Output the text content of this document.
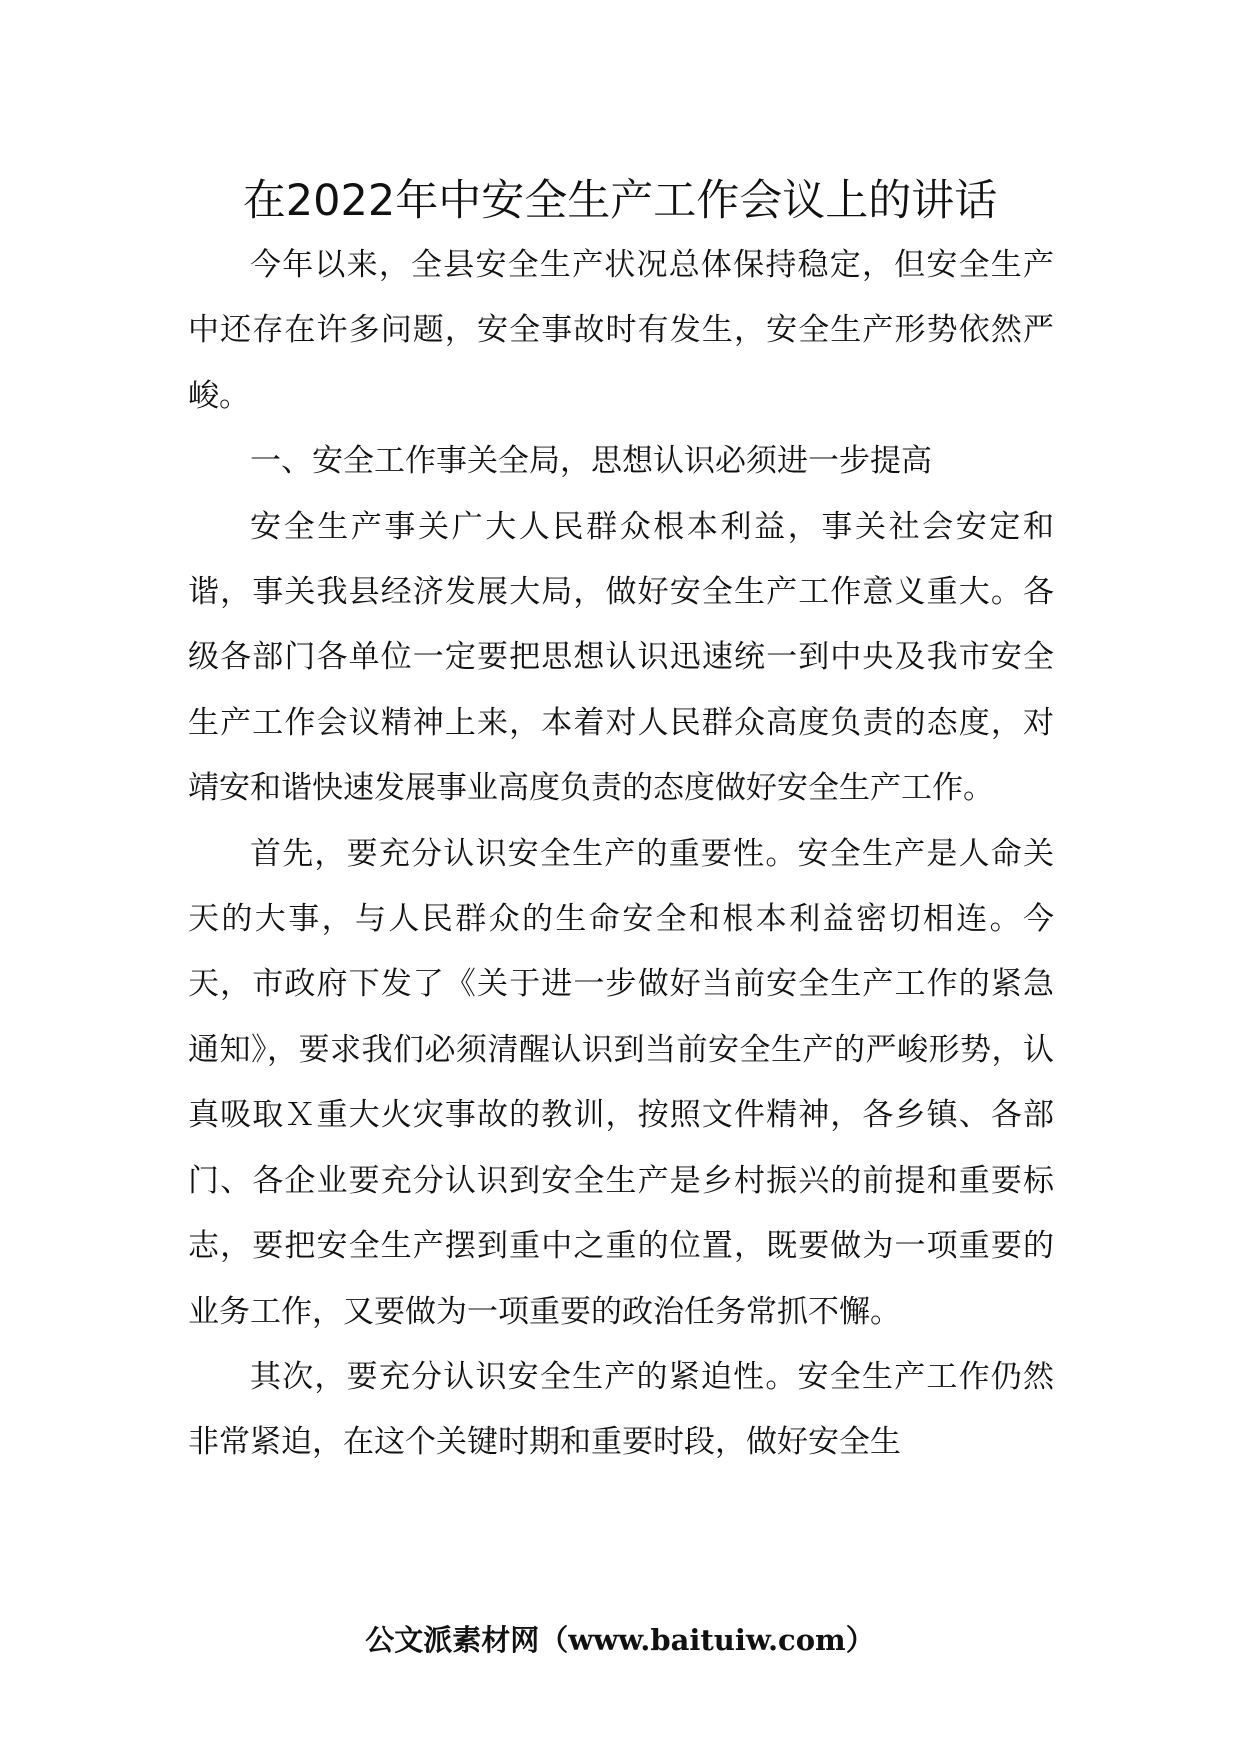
在2022年中安全生产工作会议上的讲话

今年以来，全县安全生产状况总体保持稳定，但安全生产中还存在许多问题，安全事故时有发生，安全生产形势依然严峻。

一、安全工作事关全局，思想认识必须进一步提高

安全生产事关广大人民群众根本利益，事关社会安定和谐，事关我县经济发展大局，做好安全生产工作意义重大。各级各部门各单位一定要把思想认识迅速统一到中央及我市安全生产工作会议精神上来，本着对人民群众高度负责的态度，对靖安和谐快速发展事业高度负责的态度做好安全生产工作。

首先，要充分认识安全生产的重要性。安全生产是人命关天的大事，与人民群众的生命安全和根本利益密切相连。今天，市政府下发了《关于进一步做好当前安全生产工作的紧急通知》，要求我们必须清醒认识到当前安全生产的严峻形势，认真吸取Ｘ重大火灾事故的教训，按照文件精神，各乡镇、各部门、各企业要充分认识到安全生产是乡村振兴的前提和重要标志，要把安全生产摆到重中之重的位置，既要做为一项重要的业务工作，又要做为一项重要的政治任务常抓不懈。

其次，要充分认识安全生产的紧迫性。安全生产工作仍然非常紧迫，在这个关键时期和重要时段，做好安全生

公文派素材网（www.baituiw.com）
